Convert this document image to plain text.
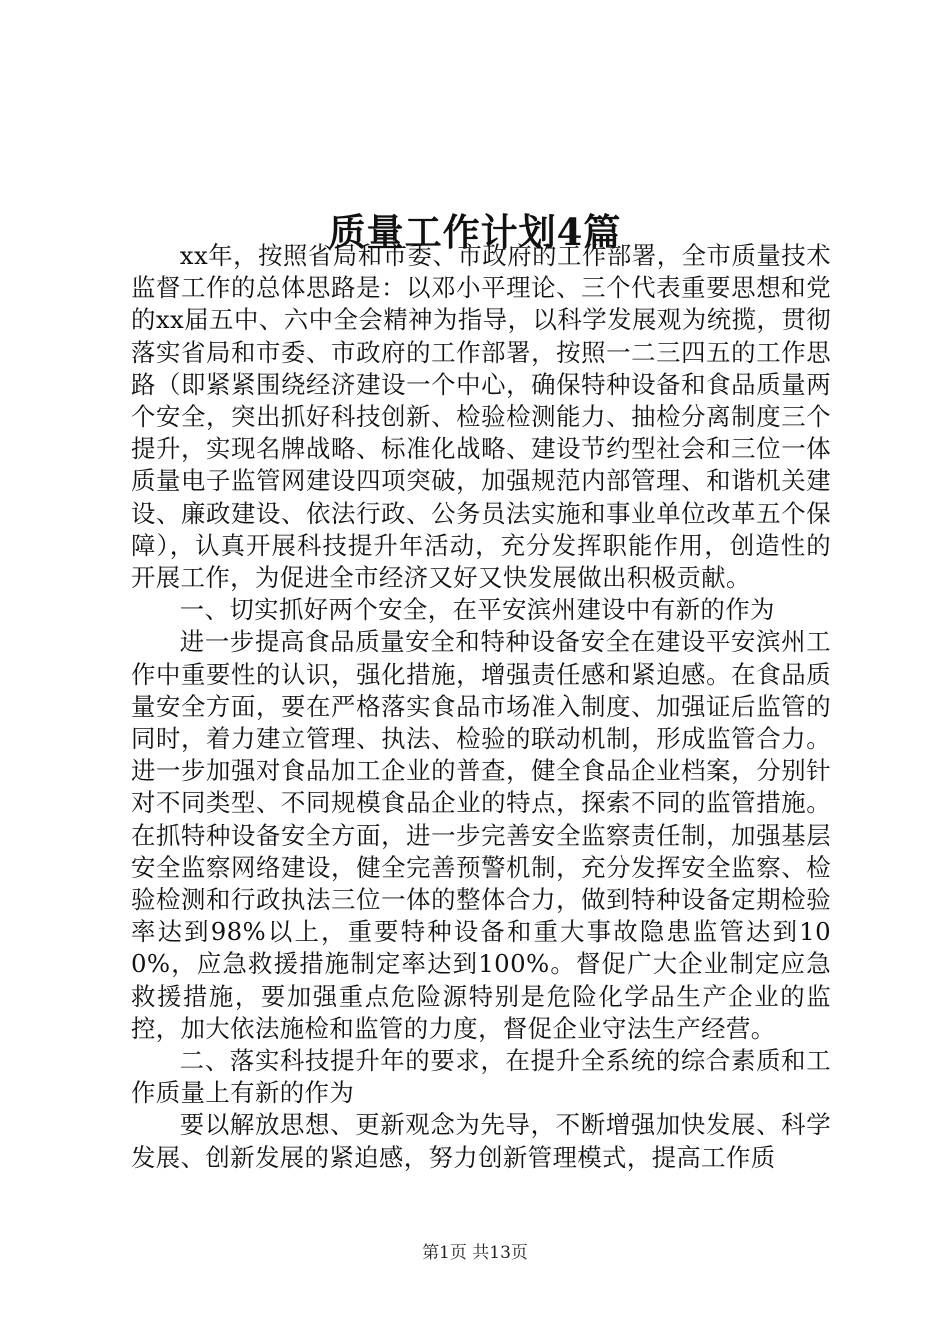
质量工作计划4篇

xx年，按照省局和市委、市政府的工作部署，全市质量技术监督工作的总体思路是：以邓小平理论、三个代表重要思想和党的xx届五中、六中全会精神为指导，以科学发展观为统揽，贯彻落实省局和市委、市政府的工作部署，按照一二三四五的工作思路（即紧紧围绕经济建设一个中心，确保特种设备和食品质量两个安全，突出抓好科技创新、检验检测能力、抽检分离制度三个提升，实现名牌战略、标准化战略、建设节约型社会和三位一体质量电子监管网建设四项突破，加强规范内部管理、和谐机关建设、廉政建设、依法行政、公务员法实施和事业单位改革五个保障），认真开展科技提升年活动，充分发挥职能作用，创造性的开展工作，为促进全市经济又好又快发展做出积极贡献。

一、切实抓好两个安全，在平安滨州建设中有新的作为

进一步提高食品质量安全和特种设备安全在建设平安滨州工作中重要性的认识，强化措施，增强责任感和紧迫感。在食品质量安全方面，要在严格落实食品市场准入制度、加强证后监管的同时，着力建立管理、执法、检验的联动机制，形成监管合力。进一步加强对食品加工企业的普查，健全食品企业档案，分别针对不同类型、不同规模食品企业的特点，探索不同的监管措施。在抓特种设备安全方面，进一步完善安全监察责任制，加强基层安全监察网络建设，健全完善预警机制，充分发挥安全监察、检验检测和行政执法三位一体的整体合力，做到特种设备定期检验率达到98%以上，重要特种设备和重大事故隐患监管达到100%，应急救援措施制定率达到100%。督促广大企业制定应急救援措施，要加强重点危险源特别是危险化学品生产企业的监控，加大依法施检和监管的力度，督促企业守法生产经营。

二、落实科技提升年的要求，在提升全系统的综合素质和工作质量上有新的作为

要以解放思想、更新观念为先导，不断增强加快发展、科学发展、创新发展的紧迫感，努力创新管理模式，提高工作质

第1页 共13页
